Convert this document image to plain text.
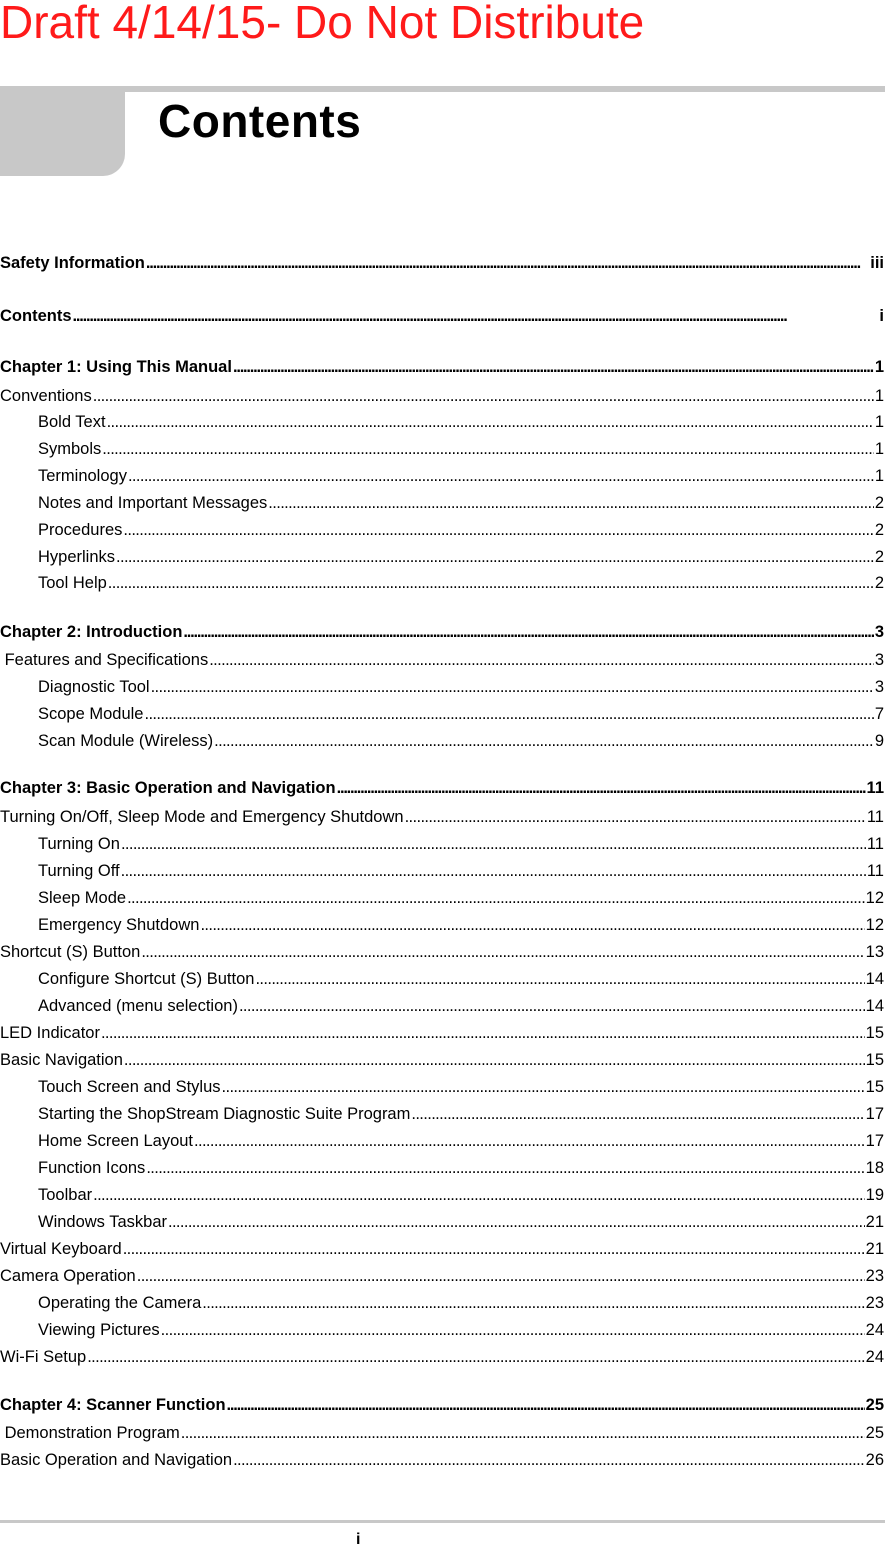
Draft 4/14/15- Do Not Distribute
Contents
Safety Information . . .	iii
Contents . . .	i
Chapter 1: Using This Manual . . .	1
Conventions . . .	1
Bold Text . . .	1
Symbols . . .	1
Terminology . . .	1
Notes and Important Messages . . .	2
Procedures . . .	2
Hyperlinks . . .	2
Tool Help . . .	2
Chapter 2: Introduction . . .	3
Features and Specifications . . .	3
Diagnostic Tool . . .	3
Scope Module . . .	7
Scan Module (Wireless) . . .	9
Chapter 3: Basic Operation and Navigation . . .	11
Turning On/Off, Sleep Mode and Emergency Shutdown . . .	11
Turning On . . .	11
Turning Off . . .	11
Sleep Mode . . .	12
Emergency Shutdown . . .	12
Shortcut (S) Button . . .	13
Configure Shortcut (S) Button . . .	14
Advanced (menu selection) . . .	14
LED Indicator . . .	15
Basic Navigation . . .	15
Touch Screen and Stylus . . .	15
Starting the ShopStream Diagnostic Suite Program . . .	17
Home Screen Layout . . .	17
Function Icons . . .	18
Toolbar . . .	19
Windows Taskbar . . .	21
Virtual Keyboard . . .	21
Camera Operation . . .	23
Operating the Camera . . .	23
Viewing Pictures . . .	24
Wi-Fi Setup . . .	24
Chapter 4: Scanner Function . . .	25
Demonstration Program . . .	25
Basic Operation and Navigation . . .	26
i
